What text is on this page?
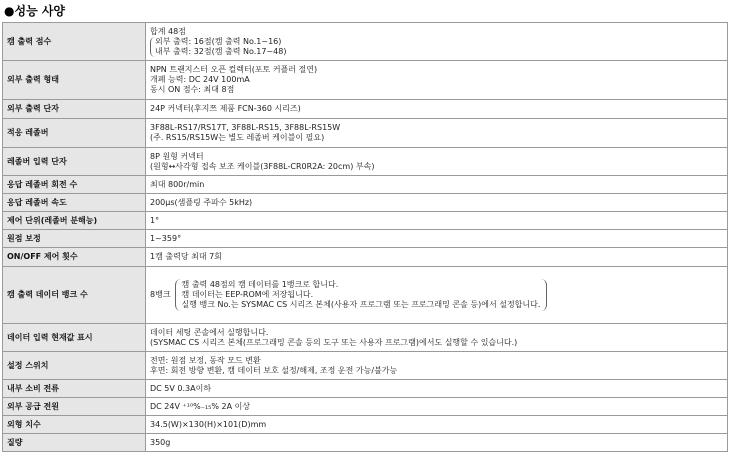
●성능 사양
캠 출력 점수	합계 48점
외부 출력: 16점(캠 출력 No.1~16)
내부 출력: 32점(캠 출력 No.17~48)

외부 출력 형태	NPN 트랜지스터 오픈 컬렉터(포토 커플러 절연)
개폐 능력: DC 24V 100mA
동시 ON 점수: 최대 8점

외부 출력 단자	24P 커넥터(후지쯔 제품 FCN-360 시리즈)

적응 레졸버	3F88L-RS17/RS17T, 3F88L-RS15, 3F88L-RS15W
(주. RS15/RS15W는 별도 레졸버 케이블이 필요)

레졸버 입력 단자	8P 원형 커넥터
(원형↔사각형 접속 보조 케이블(3F88L-CR0R2A: 20cm) 부속)

응답 레졸버 회전 수	최대 800r/min

응답 레졸버 속도	200μs(샘플링 주파수 5kHz)

제어 단위(레졸버 분해능)	1°

원점 보정	1~359°

ON/OFF 제어 횟수	1캠 출력당 최대 7회

캠 출력 데이터 뱅크 수	8뱅크
캠 출력 48점의 캠 데이터를 1뱅크로 합니다.
캠 데이터는 EEP-ROM에 저장됩니다.
실행 뱅크 No.는 SYSMAC CS 시리즈 본체(사용자 프로그램 또는 프로그래밍 콘솔 등)에서 설정합니다.

데이터 입력 현재값 표시	데이터 세팅 콘솔에서 실행합니다.
(SYSMAC CS 시리즈 본체(프로그래밍 콘솔 등의 도구 또는 사용자 프로그램)에서도 실행할 수 있습니다.)

설정 스위치	전면: 원점 보정, 동작 모드 변환
후면: 회전 방향 변환, 캠 데이터 보호 설정/해제, 조정 운전 가능/불가능

내부 소비 전류	DC 5V 0.3A이하

외부 공급 전원	DC 24V ⁺¹⁰%₋₁₅% 2A 이상

외형 치수	34.5(W)×130(H)×101(D)mm

질량	350g
